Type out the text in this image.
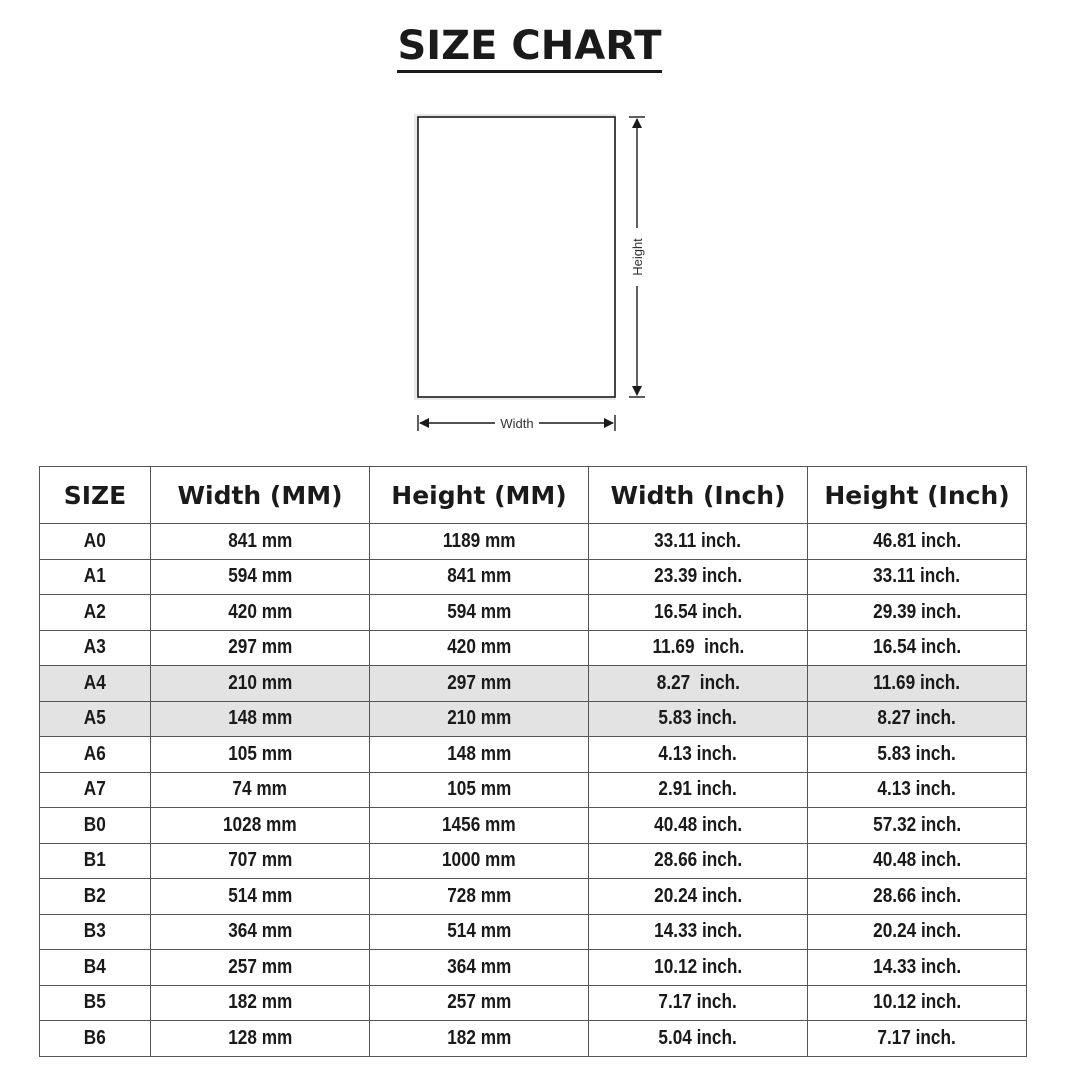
SIZE CHART
Height
Width
SIZE	Width (MM)	Height (MM)	Width (Inch)	Height (Inch)
A0	841 mm	1189 mm	33.11 inch.	46.81 inch.
A1	594 mm	841 mm	23.39 inch.	33.11 inch.
A2	420 mm	594 mm	16.54 inch.	29.39 inch.
A3	297 mm	420 mm	11.69  inch.	16.54 inch.
A4	210 mm	297 mm	8.27  inch.	11.69 inch.
A5	148 mm	210 mm	5.83 inch.	8.27 inch.
A6	105 mm	148 mm	4.13 inch.	5.83 inch.
A7	74 mm	105 mm	2.91 inch.	4.13 inch.
B0	1028 mm	1456 mm	40.48 inch.	57.32 inch.
B1	707 mm	1000 mm	28.66 inch.	40.48 inch.
B2	514 mm	728 mm	20.24 inch.	28.66 inch.
B3	364 mm	514 mm	14.33 inch.	20.24 inch.
B4	257 mm	364 mm	10.12 inch.	14.33 inch.
B5	182 mm	257 mm	7.17 inch.	10.12 inch.
B6	128 mm	182 mm	5.04 inch.	7.17 inch.
